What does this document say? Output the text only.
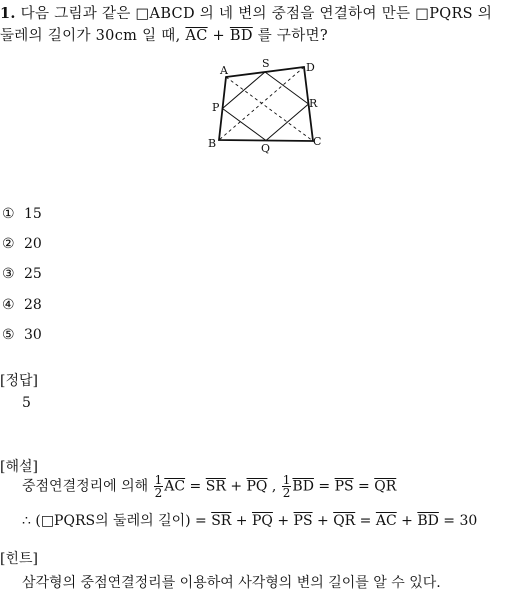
1. 다음 그림과 같은 □ABCD 의 네 변의 중점을 연결하여 만든 □PQRS 의
둘레의 길이가 30cm 일 때, $\overline{AC} + \overline{BD}$ 를 구하면?
A
S	D
P	R
B	Q
C
① 15
② 20
③ 25
④ 28
⑤ 30
[정답]
5
[해설]
중점연결정리에 의해 $\frac{1}{2} \overline{AC} = \overline{SR} + \overline{PQ}$ , $\frac{1}{2} \overline{BD} = \overline{PS} = \overline{QR}$
∴ (□PQRS의 둘레의 길이) = $\overline{SR} + \overline{PQ} + \overline{PS} + \overline{QR} = \overline{AC} + \overline{BD} = 30$
[힌트]
삼각형의 중점연결정리를 이용하여 사각형의 변의 길이를 알 수 있다.
